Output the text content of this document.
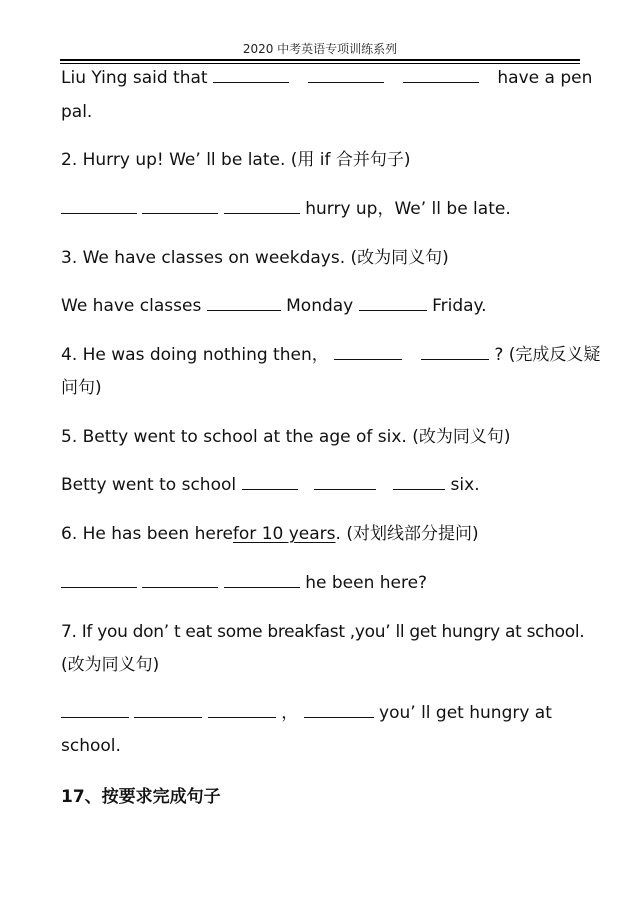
2020 中考英语专项训练系列
Liu Ying said that	have a pen
pal.
2. Hurry up! We’ ll be late. (用 if 合并句子)
hurry up，We’ ll be late.
3. We have classes on weekdays. (改为同义句)
We have classes	Monday	Friday.
4. He was doing nothing then，	? (完成反义疑
问句)
5. Betty went to school at the age of six. (改为同义句)
Betty went to school	six.
6. He has been herefor 10 years. (对划线部分提问)
he been here?
7. If you don’ t eat some breakfast ,you’ ll get hungry at school.
(改为同义句)
，	you’ ll get hungry at
school.
17、按要求完成句子
